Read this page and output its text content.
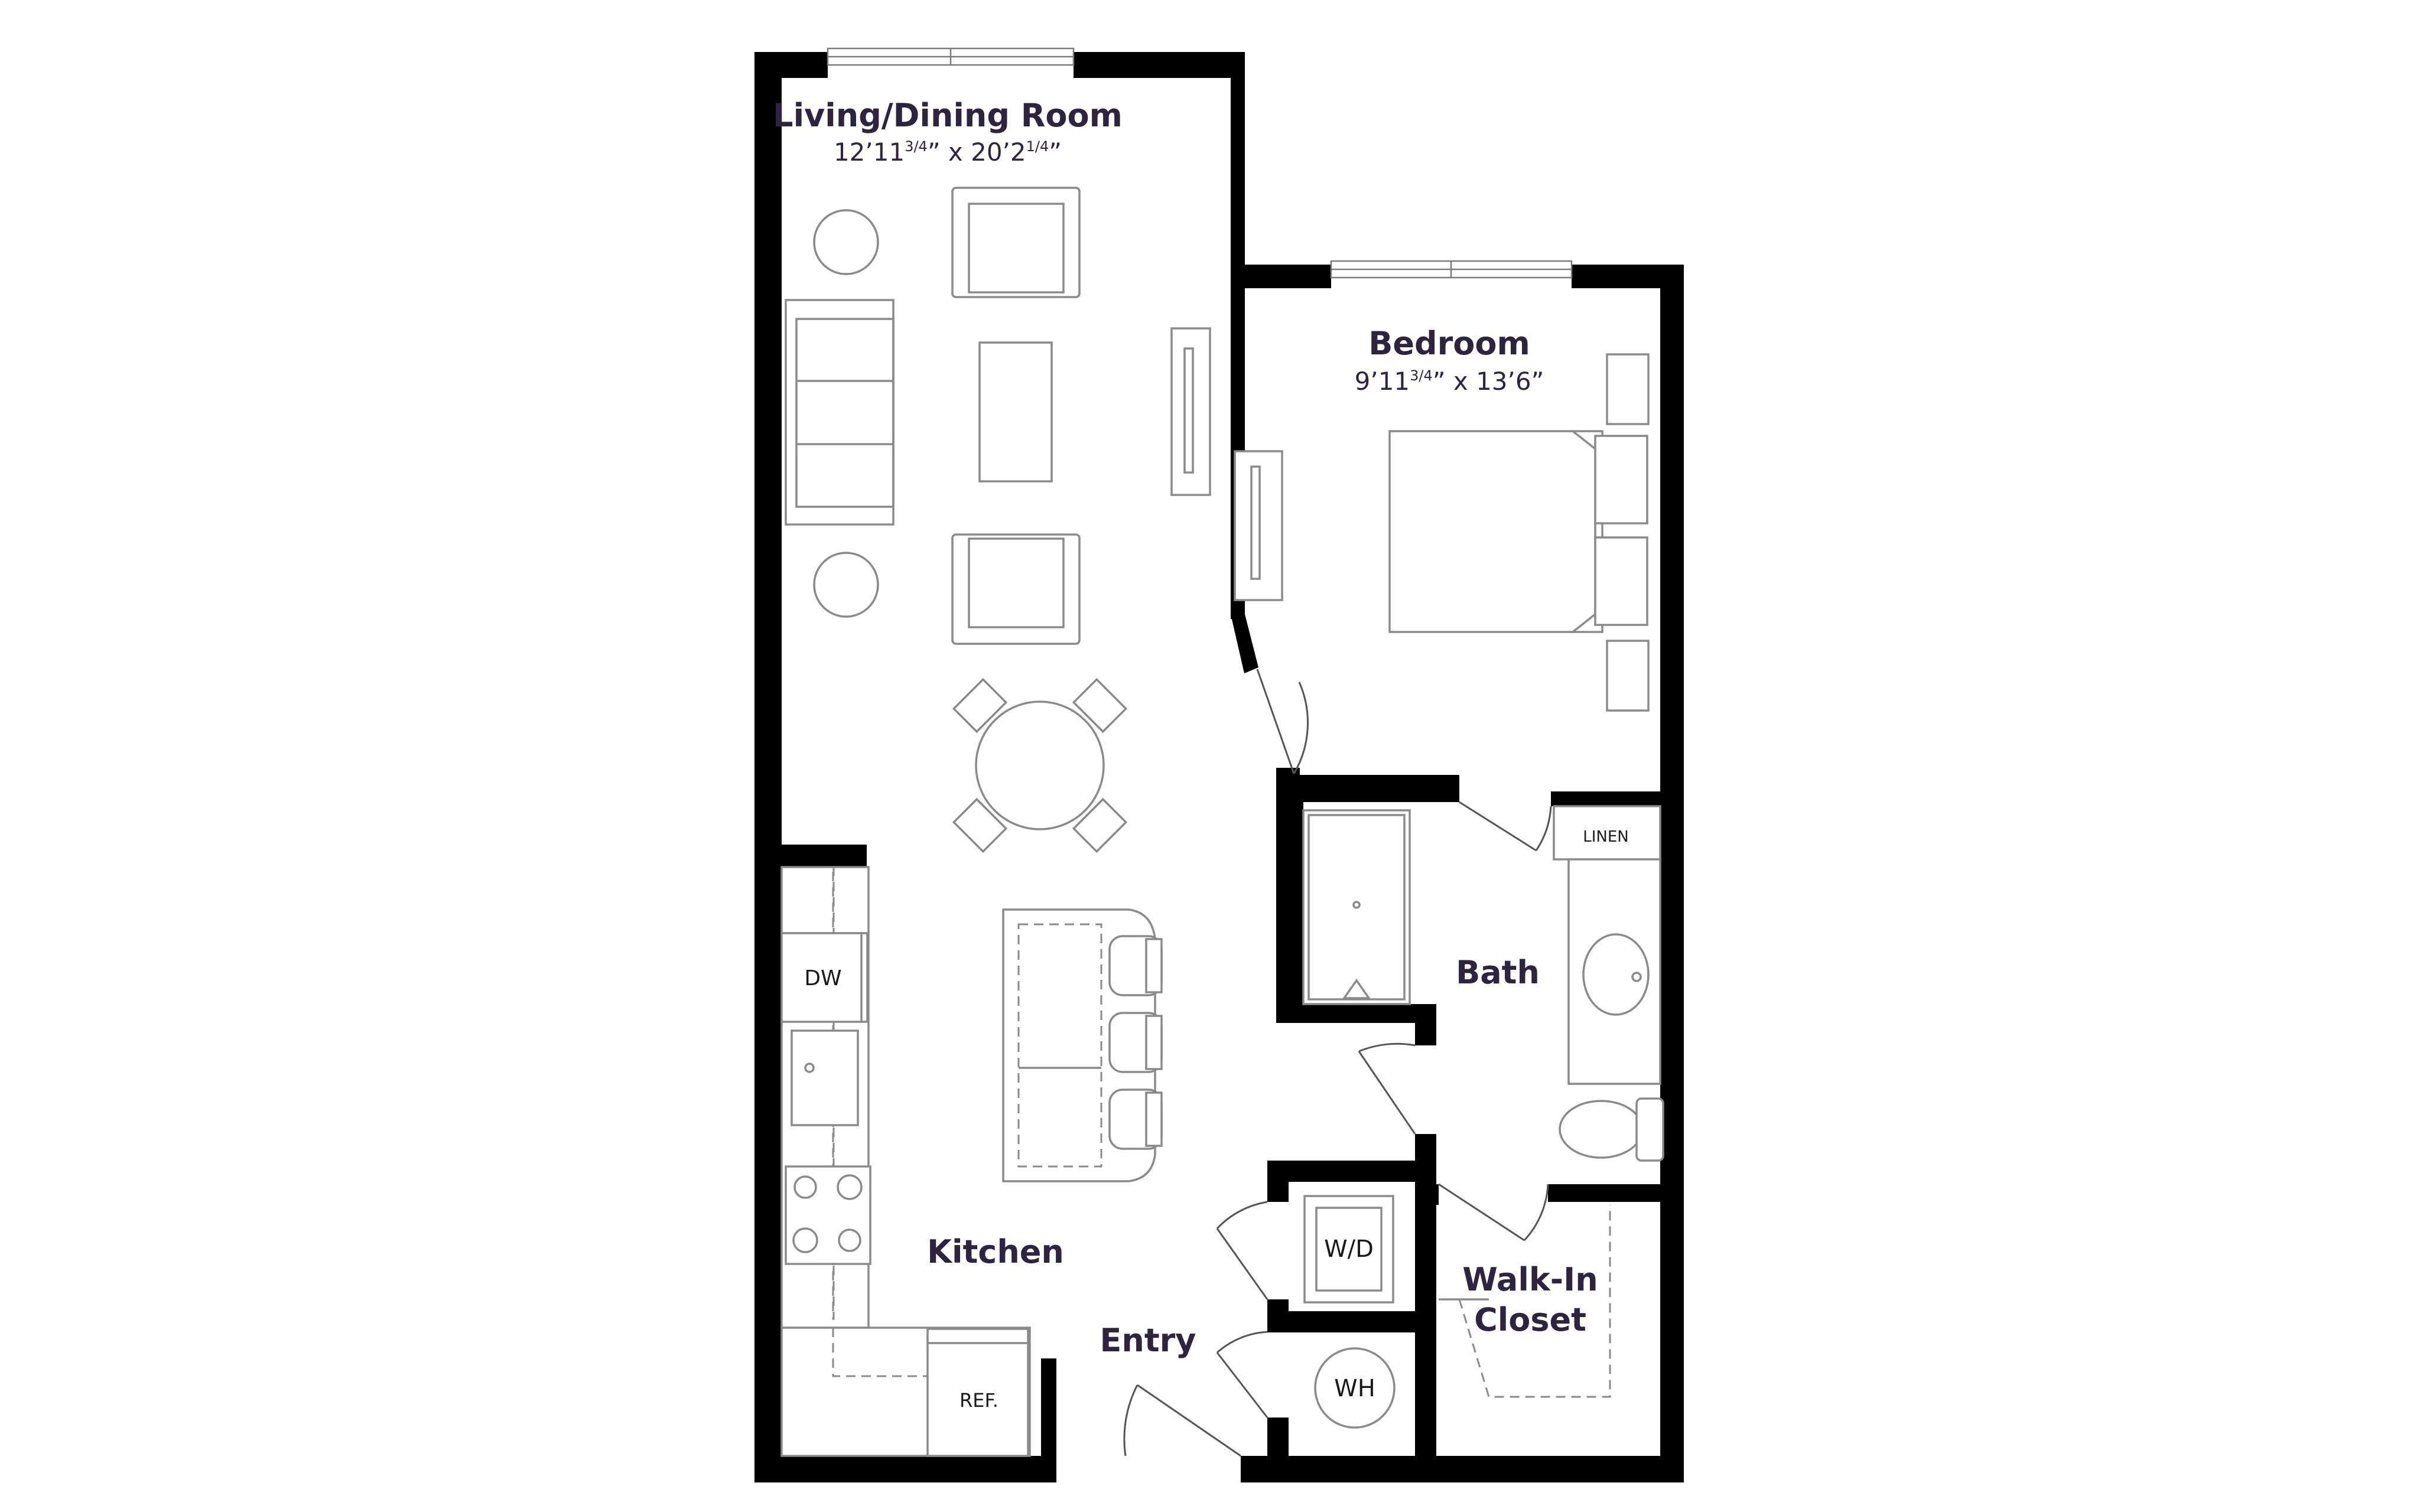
Living/Dining Room
$12’11^{3/4}$” x $20’2^{1/4}$”
Bedroom
$9’11^{3/4}$” x 13’6”
Bath
Kitchen
Entry
Walk-In
Closet
DW
LINEN
W/D
WH
REF.
